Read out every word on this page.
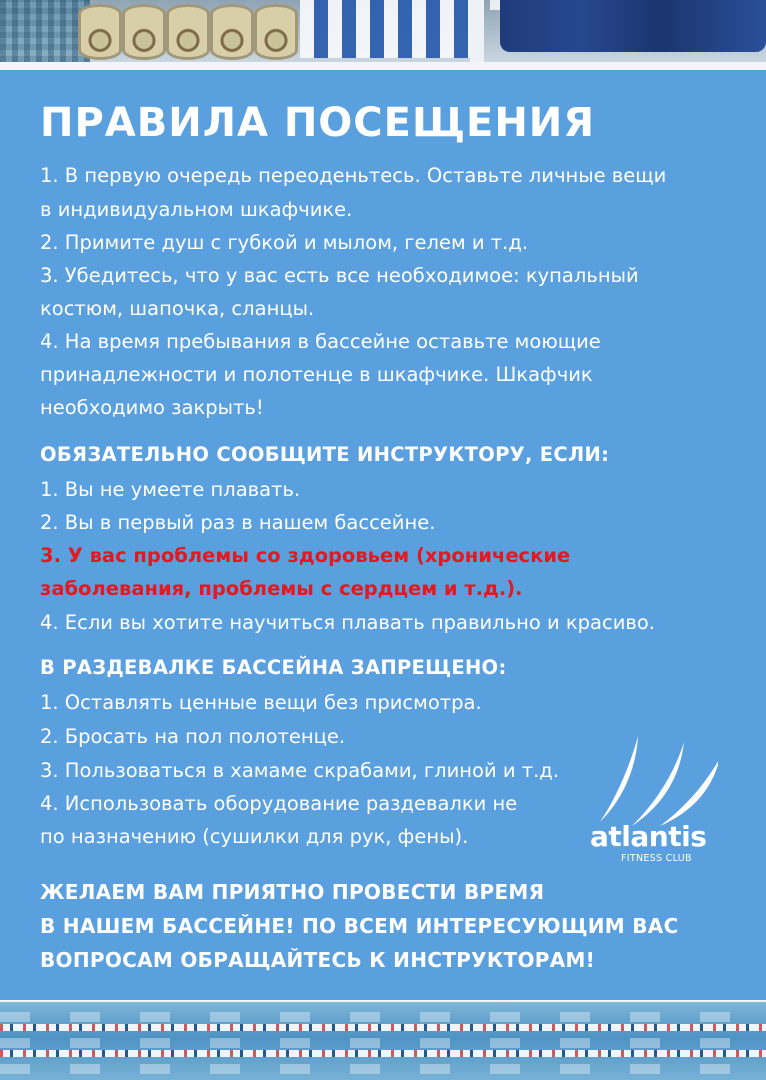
ПРАВИЛА ПОСЕЩЕНИЯ
1. В первую очередь переоденьтесь. Оставьте личные вещи
в индивидуальном шкафчике.
2. Примите душ с губкой и мылом, гелем и т.д.
3. Убедитесь, что у вас есть все необходимое: купальный
костюм, шапочка, сланцы.
4. На время пребывания в бассейне оставьте моющие
принадлежности и полотенце в шкафчике. Шкафчик
необходимо закрыть!
ОБЯЗАТЕЛЬНО СООБЩИТЕ ИНСТРУКТОРУ, ЕСЛИ:
1. Вы не умеете плавать.
2. Вы в первый раз в нашем бассейне.
3. У вас проблемы со здоровьем (хронические
заболевания, проблемы с сердцем и т.д.).
4. Если вы хотите научиться плавать правильно и красиво.
В РАЗДЕВАЛКЕ БАССЕЙНА ЗАПРЕЩЕНО:
1. Оставлять ценные вещи без присмотра.
2. Бросать на пол полотенце.
3. Пользоваться в хамаме скрабами, глиной и т.д.
4. Использовать оборудование раздевалки не
по назначению (сушилки для рук, фены).
ЖЕЛАЕМ ВАМ ПРИЯТНО ПРОВЕСТИ ВРЕМЯ
В НАШЕМ БАССЕЙНЕ! ПО ВСЕМ ИНТЕРЕСУЮЩИМ ВАС
ВОПРОСАМ ОБРАЩАЙТЕСЬ К ИНСТРУКТОРАМ!
atlantis
FITNESS CLUB
